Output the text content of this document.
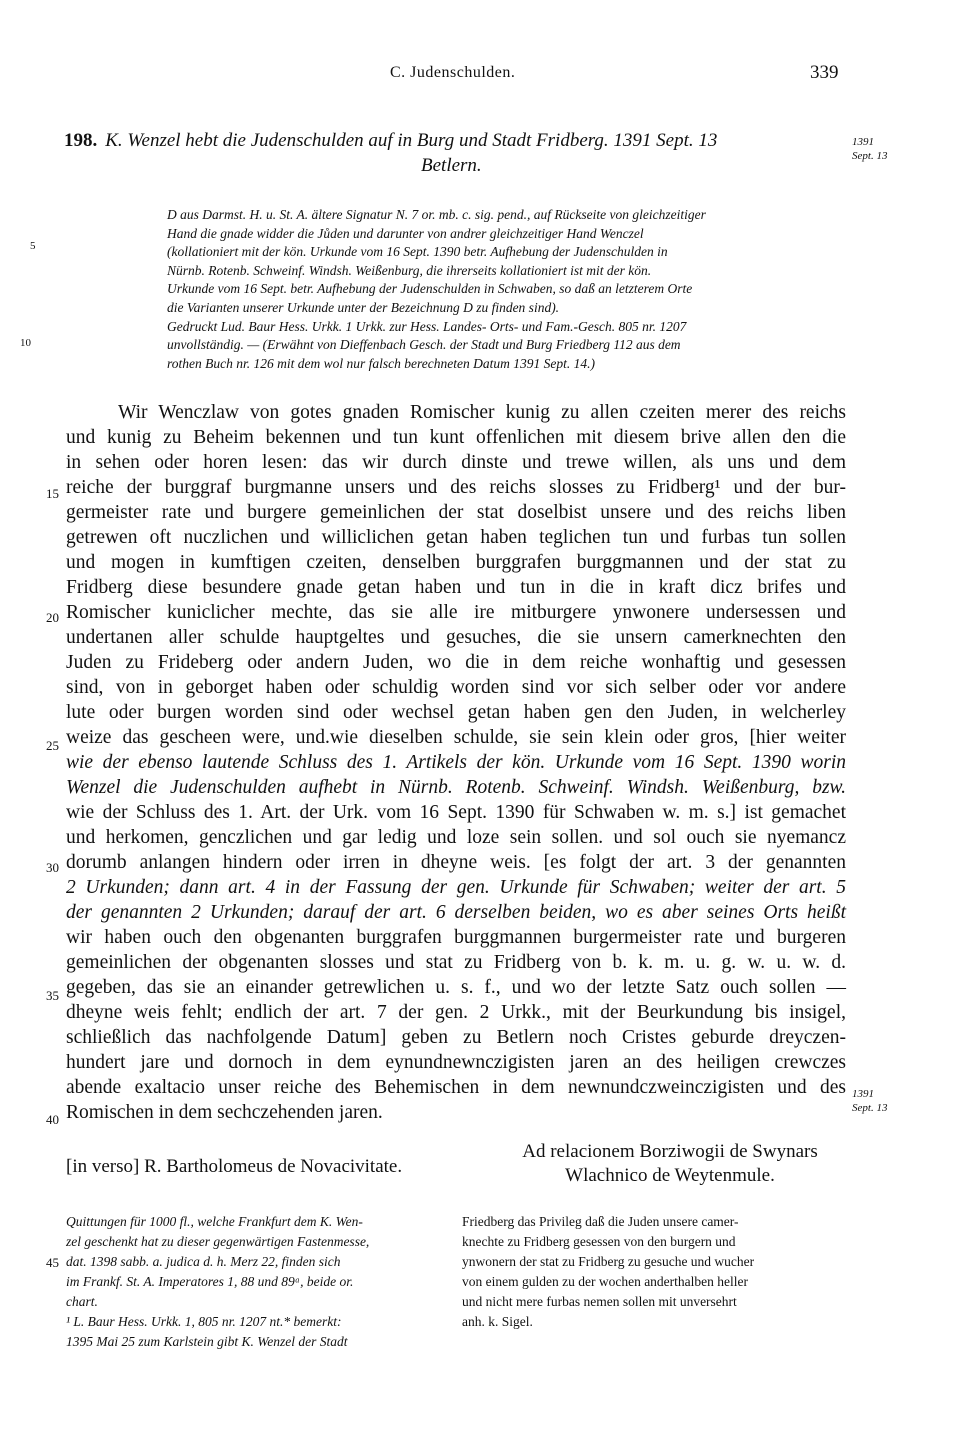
C. Judenschulden.	339
198. K. Wenzel hebt die Judenschulden auf in Burg und Stadt Fridberg. 1391 Sept. 13
Betlern.
1391
Sept. 13
1391
Sept. 13
5
10
15
20
25
30
35
40
45
D aus Darmst. H. u. St. A. ältere Signatur N. 7 or. mb. c. sig. pend., auf Rückseite von gleichzeitiger
Hand die gnade widder die Jůden und darunter von andrer gleichzeitiger Hand Wenczel
(kollationiert mit der kön. Urkunde vom 16 Sept. 1390 betr. Aufhebung der Judenschulden in
Nürnb. Rotenb. Schweinf. Windsh. Weißenburg, die ihrerseits kollationiert ist mit der kön.
Urkunde vom 16 Sept. betr. Aufhebung der Judenschulden in Schwaben, so daß an letzterem Orte
die Varianten unserer Urkunde unter der Bezeichnung D zu finden sind).
Gedruckt Lud. Baur Hess. Urkk. 1 Urkk. zur Hess. Landes- Orts- und Fam.-Gesch. 805 nr. 1207
unvollständig. — (Erwähnt von Dieffenbach Gesch. der Stadt und Burg Friedberg 112 aus dem
rothen Buch nr. 126 mit dem wol nur falsch berechneten Datum 1391 Sept. 14.)
Wir Wenczlaw von gotes gnaden Romischer kunig zu allen czeiten merer des reichs
und kunig zu Beheim bekennen und tun kunt offenlichen mit diesem brive allen den die
in sehen oder horen lesen: das wir durch dinste und trewe willen, als uns und dem
reiche der burggraf burgmanne unsers und des reichs slosses zu Fridberg¹ und der bur-
germeister rate und burgere gemeinlichen der stat doselbist unsere und des reichs liben
getrewen oft nuczlichen und williclichen getan haben teglichen tun und furbas tun sollen
und mogen in kumftigen czeiten, denselben burggrafen burggmannen und der stat zu
Fridberg diese besundere gnade getan haben und tun in die in kraft dicz brifes und
Romischer kuniclicher mechte, das sie alle ire mitburgere ynwonere undersessen und
undertanen aller schulde hauptgeltes und gesuches, die sie unsern camerknechten den
Juden zu Frideberg oder andern Juden, wo die in dem reiche wonhaftig und gesessen
sind, von in geborget haben oder schuldig worden sind vor sich selber oder vor andere
lute oder burgen worden sind oder wechsel getan haben gen den Juden, in welcherley
weize das gescheen were, und.wie dieselben schulde, sie sein klein oder gros, [hier weiter
wie der ebenso lautende Schluss des 1. Artikels der kön. Urkunde vom 16 Sept. 1390 worin
Wenzel die Judenschulden aufhebt in Nürnb. Rotenb. Schweinf. Windsh. Weißenburg, bzw.
wie der Schluss des 1. Art. der Urk. vom 16 Sept. 1390 für Schwaben w. m. s.] ist gemachet
und herkomen, genczlichen und gar ledig und loze sein sollen. und sol ouch sie nyemancz
dorumb anlangen hindern oder irren in dheyne weis. [es folgt der art. 3 der genannten
2 Urkunden; dann art. 4 in der Fassung der gen. Urkunde für Schwaben; weiter der art. 5
der genannten 2 Urkunden; darauf der art. 6 derselben beiden, wo es aber seines Orts heißt
wir haben ouch den obgenanten burggrafen burggmannen burgermeister rate und burgeren
gemeinlichen der obgenanten slosses und stat zu Fridberg von b. k. m. u. g. w. u. w. d.
gegeben, das sie an einander getrewlichen u. s. f., und wo der letzte Satz ouch sollen —
dheyne weis fehlt; endlich der art. 7 der gen. 2 Urkk., mit der Beurkundung bis insigel,
schließlich das nachfolgende Datum] geben zu Betlern noch Cristes geburde dreyczen-
hundert jare und dornoch in dem eynundnewnczigisten jaren an des heiligen crewczes
abende exaltacio unser reiche des Behemischen in dem newnundczweinczigisten und des
Romischen in dem sechczehenden jaren.
[in verso] R. Bartholomeus de Novacivitate.
Ad relacionem Borziwogii de Swynars
Wlachnico de Weytenmule.
Quittungen für 1000 fl., welche Frankfurt dem K. Wen-
zel geschenkt hat zu dieser gegenwärtigen Fastenmesse,
dat. 1398 sabb. a. judica d. h. Merz 22, finden sich
im Frankf. St. A. Imperatores 1, 88 und 89ᵃ, beide or.
chart.
¹ L. Baur Hess. Urkk. 1, 805 nr. 1207 nt.* bemerkt:
1395 Mai 25 zum Karlstein gibt K. Wenzel der Stadt
Friedberg das Privileg daß die Juden unsere camer-
knechte zu Fridberg gesessen von den burgern und
ynwonern der stat zu Fridberg zu gesuche und wucher
von einem gulden zu der wochen anderthalben heller
und nicht mere furbas nemen sollen mit unversehrt
anh. k. Sigel.
